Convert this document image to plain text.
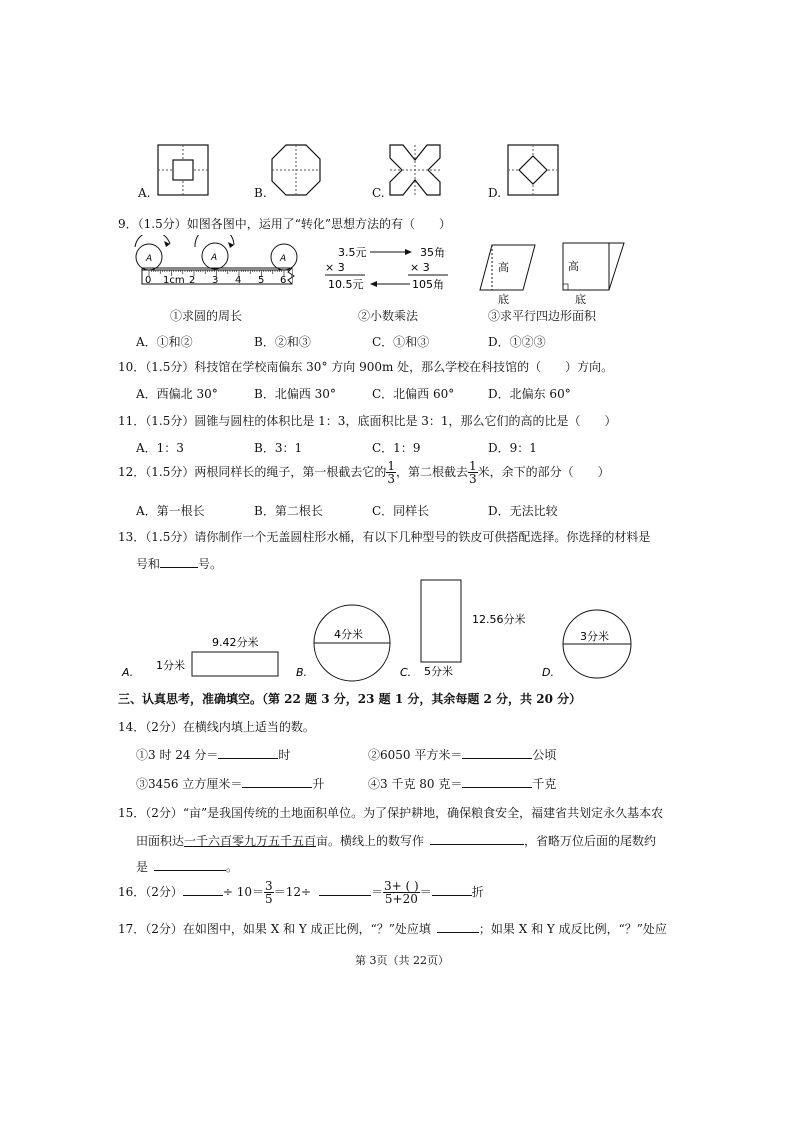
A.	B.	C.	D.
9．（1.5分）如图各图中，运用了“转化”思想方法的有（　　）
A	A	A
0 1cm 2 3 4 5 6
3.5元	35角
× 3	× 3
10.5元	105角
高
底
高
底
①求圆的周长	②小数乘法	③求平行四边形面积
A．①和②	B．②和③	C．①和③	D．①②③
10．（1.5分）科技馆在学校南偏东 30° 方向 900m 处，那么学校在科技馆的（　　）方向。
A．西偏北 30°	B．北偏西 30°	C．北偏西 60°	D．北偏东 60°
11．（1.5分）圆锥与圆柱的体积比是 1：3，底面积比是 3：1，那么它们的高的比是（　　）
A．1：3	B．3：1	C．1：9	D．9：1
12．（1.5分）两根同样长的绳子，第一根截去它的 $\frac{1}{3}$ ，第二根截去 $\frac{1}{3}$ 米，余下的部分（　　）
A．第一根长	B．第二根长	C．同样长	D．无法比较
13．（1.5分）请你制作一个无盖圆柱形水桶，有以下几种型号的铁皮可供搭配选择。你选择的材料是
号和	号。
9.42分米
1分米
A.
4分米
B.
12.56分米
5分米
C.
3分米
D.
三、认真思考，准确填空。（第 22 题 3 分，23 题 1 分，其余每题 2 分，共 20 分）
14．（2分）在横线内填上适当的数。
①3 时 24 分＝	时	②6050 平方米＝	公顷
③3456 立方厘米＝	升	④3 千克 80 克＝	千克
15．（2分）“亩”是我国传统的土地面积单位。为了保护耕地，确保粮食安全，福建省共划定永久基本农
田面积达一千六百零九万五千五百亩。横线上的数写作	，省略万位后面的尾数约
是	。
16．（2分）	÷ $10= \frac{3}{5} =12\div$	＝ $\frac{3+ ( )}{5+20}$ ＝	折
17．（2分）在如图中，如果 X 和 Y 成正比例，“？”处应填	；如果 X 和 Y 成反比例，“？”处应
第 3页（共 22页）
